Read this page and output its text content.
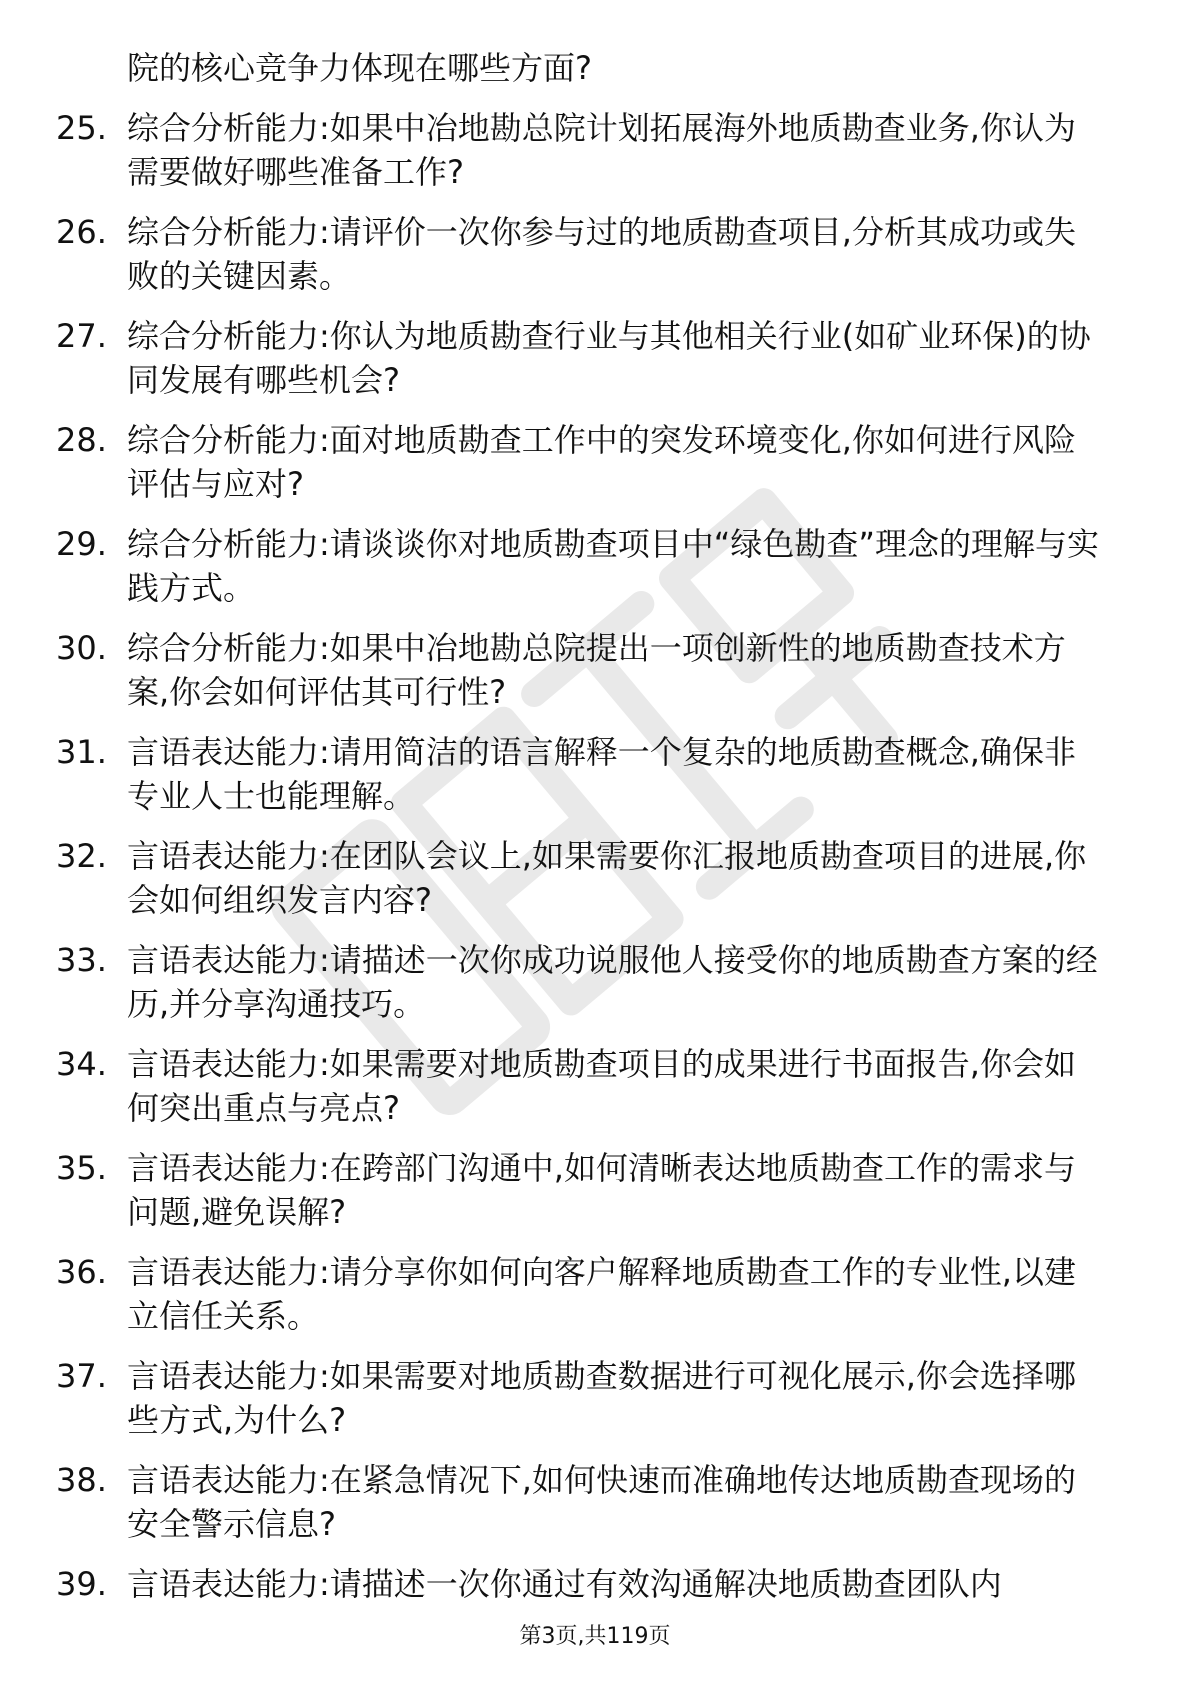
院的核心竞争力体现在哪些方面?
25. 综合分析能力:如果中冶地勘总院计划拓展海外地质勘查业务,你认为需要做好哪些准备工作?
26. 综合分析能力:请评价一次你参与过的地质勘查项目,分析其成功或失败的关键因素。
27. 综合分析能力:你认为地质勘查行业与其他相关行业(如矿业环保)的协同发展有哪些机会?
28. 综合分析能力:面对地质勘查工作中的突发环境变化,你如何进行风险评估与应对?
29. 综合分析能力:请谈谈你对地质勘查项目中“绿色勘查”理念的理解与实践方式。
30. 综合分析能力:如果中冶地勘总院提出一项创新性的地质勘查技术方案,你会如何评估其可行性?
31. 言语表达能力:请用简洁的语言解释一个复杂的地质勘查概念,确保非专业人士也能理解。
32. 言语表达能力:在团队会议上,如果需要你汇报地质勘查项目的进展,你会如何组织发言内容?
33. 言语表达能力:请描述一次你成功说服他人接受你的地质勘查方案的经历,并分享沟通技巧。
34. 言语表达能力:如果需要对地质勘查项目的成果进行书面报告,你会如何突出重点与亮点?
35. 言语表达能力:在跨部门沟通中,如何清晰表达地质勘查工作的需求与问题,避免误解?
36. 言语表达能力:请分享你如何向客户解释地质勘查工作的专业性,以建立信任关系。
37. 言语表达能力:如果需要对地质勘查数据进行可视化展示,你会选择哪些方式,为什么?
38. 言语表达能力:在紧急情况下,如何快速而准确地传达地质勘查现场的安全警示信息?
39. 言语表达能力:请描述一次你通过有效沟通解决地质勘查团队内
第3页,共119页
